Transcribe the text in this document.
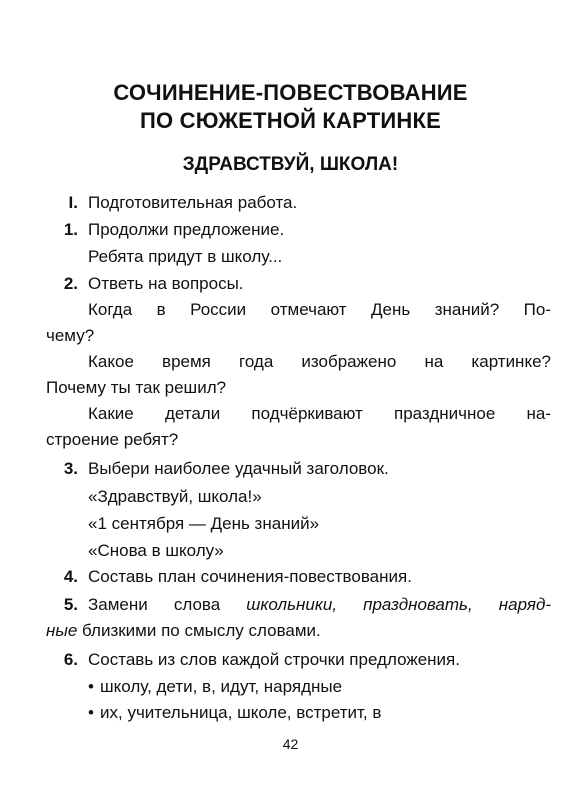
СОЧИНЕНИЕ-ПОВЕСТВОВАНИЕ
ПО СЮЖЕТНОЙ КАРТИНКЕ
ЗДРАВСТВУЙ, ШКОЛА!
I. Подготовительная работа.
1. Продолжи предложение.
Ребята придут в школу...
2. Ответь на вопросы.
Когда в России отмечают День знаний? По-
чему?
Какое время года изображено на картинке?
Почему ты так решил?
Какие детали подчёркивают праздничное на-
строение ребят?
3. Выбери наиболее удачный заголовок.
«Здравствуй, школа!»
«1 сентября — День знаний»
«Снова в школу»
4. Составь план сочинения-повествования.
5. Замени слова школьники, праздновать, наряд-
ные близкими по смыслу словами.
6. Составь из слов каждой строчки предложения.
• школу, дети, в, идут, нарядные
• их, учительница, школе, встретит, в
42
